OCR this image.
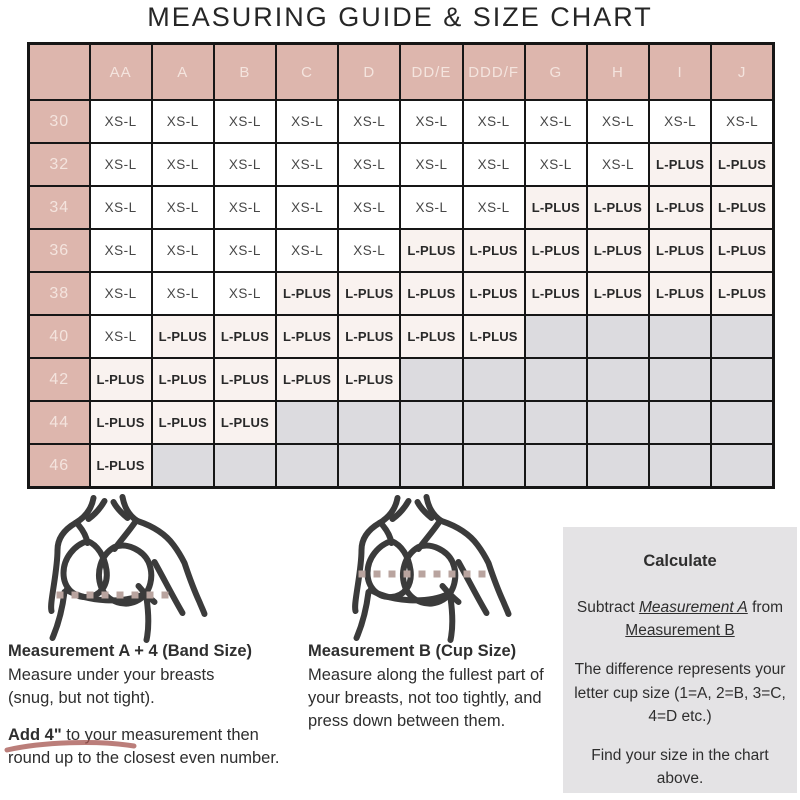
MEASURING GUIDE & SIZE CHART
	AA	A	B	C	D	DD/E	DDD/F	G	H	I	J
30	XS-L	XS-L	XS-L	XS-L	XS-L	XS-L	XS-L	XS-L	XS-L	XS-L	XS-L
32	XS-L	XS-L	XS-L	XS-L	XS-L	XS-L	XS-L	XS-L	XS-L	L-PLUS	L-PLUS
34	XS-L	XS-L	XS-L	XS-L	XS-L	XS-L	XS-L	L-PLUS	L-PLUS	L-PLUS	L-PLUS
36	XS-L	XS-L	XS-L	XS-L	XS-L	L-PLUS	L-PLUS	L-PLUS	L-PLUS	L-PLUS	L-PLUS
38	XS-L	XS-L	XS-L	L-PLUS	L-PLUS	L-PLUS	L-PLUS	L-PLUS	L-PLUS	L-PLUS	L-PLUS
40	XS-L	L-PLUS	L-PLUS	L-PLUS	L-PLUS	L-PLUS	L-PLUS				
42	L-PLUS	L-PLUS	L-PLUS	L-PLUS	L-PLUS						
44	L-PLUS	L-PLUS	L-PLUS								
46	L-PLUS										

Measurement A + 4 (Band Size)

Measure under your breasts
(snug, but not tight).

Add 4" to your measurement then round up to the closest even number.

Measurement B (Cup Size)

Measure along the fullest part of your breasts, not too tightly, and press down between them.

Calculate

Subtract Measurement A from Measurement B

The difference represents your letter cup size (1=A, 2=B, 3=C, 4=D etc.)

Find your size in the chart above.
